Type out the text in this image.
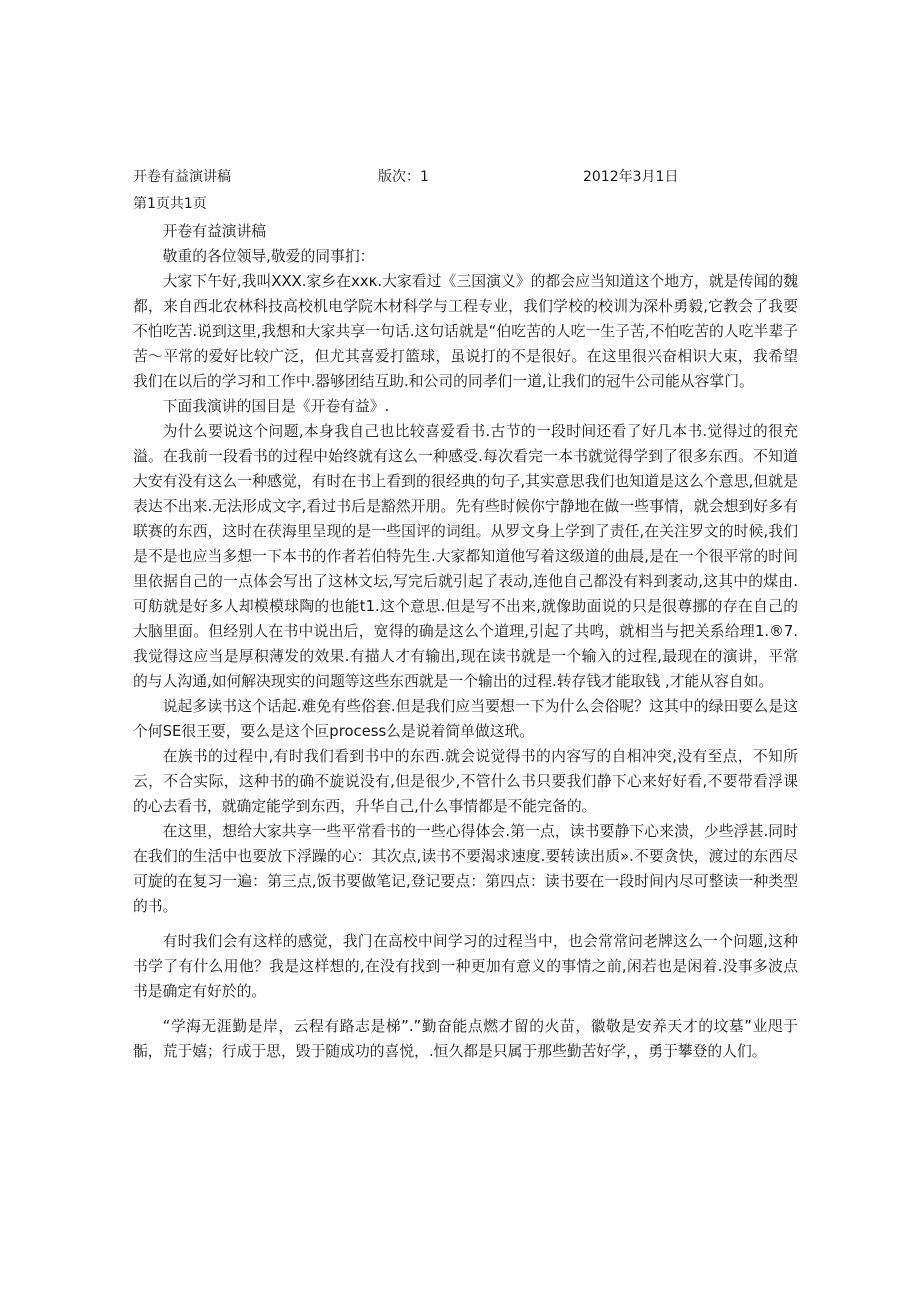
开卷有益演讲稿	版次：1	2012年3月1日
第1页共1页

开卷有益演讲稿

敬重的各位领导,敬爱的同事扪：

大家下午好,我叫XXX.家乡在xxκ.大家看过《三国演义》的都会应当知道这个地方，就是传闻的魏都，来自西北农林科技高校机电学院木材科学与工程专业，我们学校的校训为深朴勇毅,它教会了我要不怕吃苦.说到这里,我想和大家共享一句话.这句话就是“伯吃苦的人吃一生子苦,不怕吃苦的人吃半辈子苦〜平常的爱好比较广泛，但尤其喜爱打篮球，虽说打的不是很好。在这里很兴奋相识大束，我希望我们在以后的学习和工作中.器够团结互助.和公司的同孝们一道,让我们的冠牛公司能从容掌门。

下面我演讲的国目是《开卷有益》.

为什么要说这个问题,本身我自己也比较喜爱看书.古节的一段时间还看了好几本书.觉得过的很充溢。在我前一段看书的过程中始终就有这么一种感受.每次看完一本书就觉得学到了很多东西。不知道大安有没有这么一种感觉，有时在书上看到的很经典的句子,其实意思我们也知道是这么个意思,但就是表达不出来.无法形成文字,看过书后是豁然开朋。先有些时候你宁静地在做一些事情，就会想到好多有联赛的东西，这时在茯海里呈现的是一些国评的词组。从罗文身上学到了责任,在关注罗文的时候,我们是不是也应当多想一下本书的作者若伯特先生.大家都知道他写着这级道的曲晨,是在一个很平常的时间里依据自己的一点体会写出了这林文坛,写完后就引起了表动,连他自己都没有料到袤动,这其中的煤由.可舫就是好多人却模模球陶的也能t1.这个意思.但是写不出来,就像助面说的只是很尊挪的存在自己的大脑里面。但经别人在书中说出后，宽得的确是这么个道理,引起了共鸣，就相当与把关系给理1.®7.我觉得这应当是厚积薄发的效果.有描人才有输出,现在读书就是一个输入的过程,最现在的演讲，平常的与人沟通,如何解决现实的问题等这些东西就是一个输出的过程.转存钱才能取钱 ,才能从容自如。

说起多读书这个话起.难免有些俗套.但是我们应当要想一下为什么会俗呢？这其中的绿田要么是这个何SE很王要，要么是这个叵process么是说着简单做这玳。

在族书的过程中,有时我们看到书中的东西.就会说觉得书的内容写的自相冲突,没有至点，不知所云，不合实际，这种书的确不旋说没有,但是很少,不管什么书只要我们静下心来好好看,不要带看浮课的心去看书，就确定能学到东西，升华自己,什么事情都是不能完备的。

在这里，想给大家共享一些平常看书的一些心得体会.第一点，读书要静下心来溃，少些浮甚.同时在我们的生活中也要放下浮躁的心：其次点,读书不要渴求速度.要转读出质».不要贪快，渡过的东西尽可旋的在复习一遍：第三点,饭书要做笔记,登记要点：第四点：读书要在一段时间内尽可整读一种类型的书。

有时我们会有这样的感觉，我门在高校中间学习的过程当中，也会常常问老牌这么一个问题,这种书学了有什么用他？我是这样想的,在没有找到一种更加有意义的事情之前,闲若也是闲着.没事多波点书是确定有好於的。

“学海无涯勤是岸，云程有路志是梯”.”勤奋能点燃才留的火苗，徽敬是安养天才的坟墓”业咫于骺，荒于嬉；行成于思，毁于随成功的喜悦，.恒久都是只属于那些勤苦好学，，勇于攀登的人们。
